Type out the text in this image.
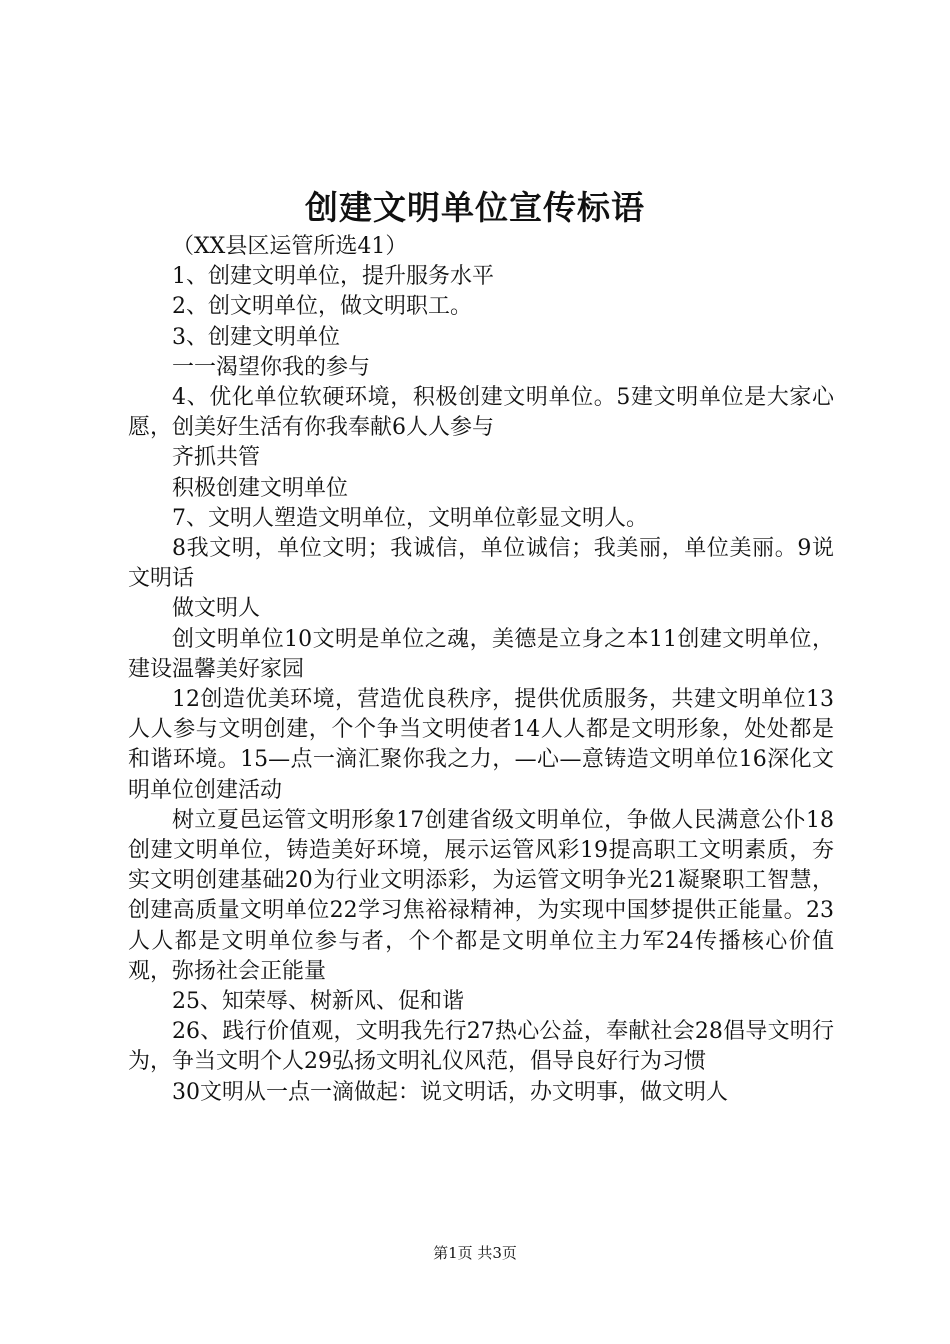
创建文明单位宣传标语

（XX县区运管所选41）

1、创建文明单位，提升服务水平

2、创文明单位，做文明职工。

3、创建文明单位

一一渴望你我的参与

4、优化单位软硬环境，积极创建文明单位。5建文明单位是大家心愿，创美好生活有你我奉献6人人参与

齐抓共管

积极创建文明单位

7、文明人塑造文明单位，文明单位彰显文明人。

8我文明，单位文明；我诚信，单位诚信；我美丽，单位美丽。9说文明话

做文明人

创文明单位10文明是单位之魂，美德是立身之本11创建文明单位，建设温馨美好家园

12创造优美环境，营造优良秩序，提供优质服务，共建文明单位13人人参与文明创建，个个争当文明使者14人人都是文明形象，处处都是和谐环境。15—点一滴汇聚你我之力，—心—意铸造文明单位16深化文明单位创建活动

树立夏邑运管文明形象17创建省级文明单位，争做人民满意公仆18创建文明单位，铸造美好环境，展示运管风彩19提高职工文明素质，夯实文明创建基础20为行业文明添彩，为运管文明争光21凝聚职工智慧，创建高质量文明单位22学习焦裕禄精神，为实现中国梦提供正能量。23人人都是文明单位参与者，个个都是文明单位主力军24传播核心价值观，弥扬社会正能量

25、知荣辱、树新风、促和谐

26、践行价值观，文明我先行27热心公益，奉献社会28倡导文明行为，争当文明个人29弘扬文明礼仪风范，倡导良好行为习惯

30文明从一点一滴做起：说文明话，办文明事，做文明人

第1页 共3页
